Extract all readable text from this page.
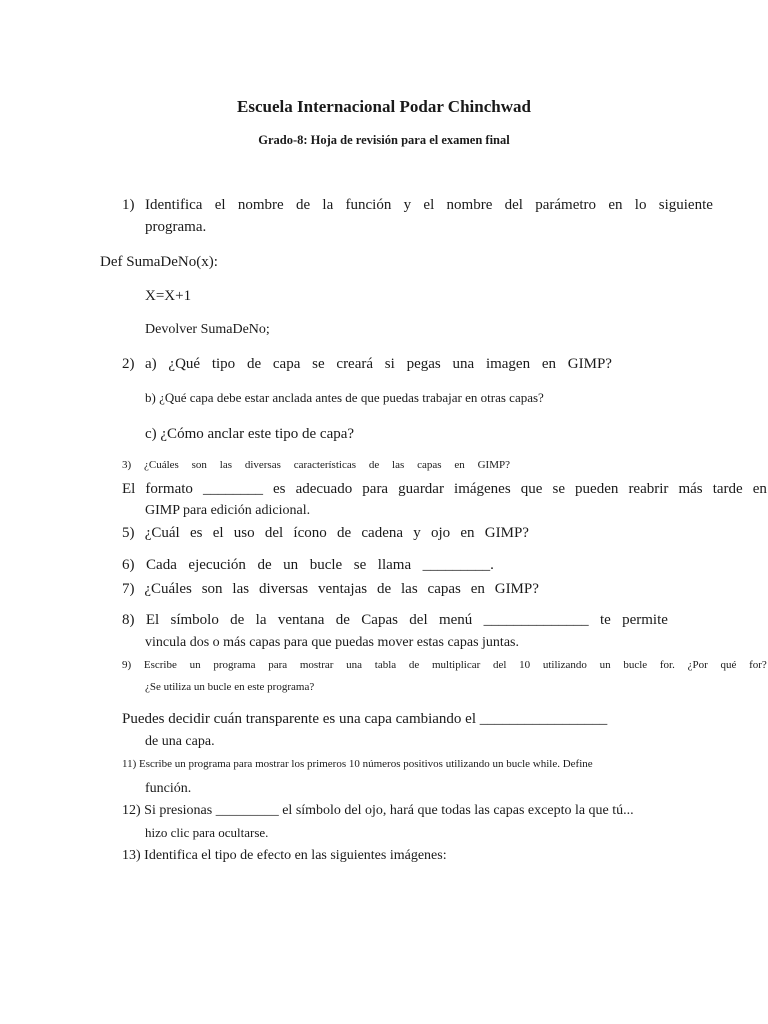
Escuela Internacional Podar Chinchwad
Grado-8: Hoja de revisión para el examen final
1) Identifica el nombre de la función y el nombre del parámetro en lo siguiente
programa.
Def SumaDeNo(x):
X=X+1
Devolver SumaDeNo;
2) a) ¿Qué tipo de capa se creará si pegas una imagen en GIMP?
b) ¿Qué capa debe estar anclada antes de que puedas trabajar en otras capas?
c) ¿Cómo anclar este tipo de capa?
3) ¿Cuáles son las diversas características de las capas en GIMP?
El formato ________ es adecuado para guardar imágenes que se pueden reabrir más tarde en
GIMP para edición adicional.
5) ¿Cuál es el uso del ícono de cadena y ojo en GIMP?
6) Cada ejecución de un bucle se llama _________.
7) ¿Cuáles son las diversas ventajas de las capas en GIMP?
8) El símbolo de la ventana de Capas del menú ______________ te permite
vincula dos o más capas para que puedas mover estas capas juntas.
9) Escribe un programa para mostrar una tabla de multiplicar del 10 utilizando un bucle for. ¿Por qué for?
¿Se utiliza un bucle en este programa?
Puedes decidir cuán transparente es una capa cambiando el _________________
de una capa.
11) Escribe un programa para mostrar los primeros 10 números positivos utilizando un bucle while. Define
función.
12) Si presionas _________ el símbolo del ojo, hará que todas las capas excepto la que tú...
hizo clic para ocultarse.
13) Identifica el tipo de efecto en las siguientes imágenes:
